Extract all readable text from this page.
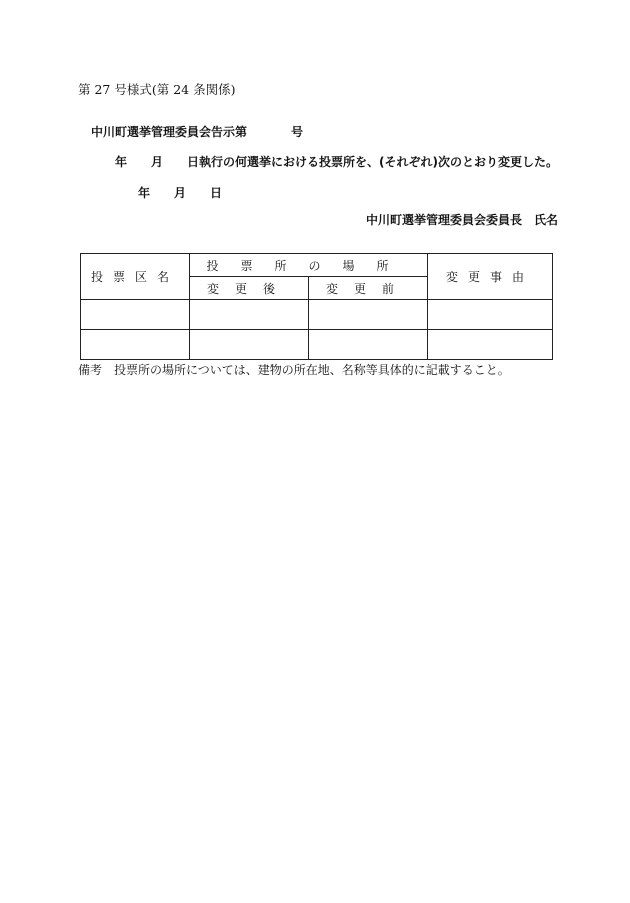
第 27 号様式(第 24 条関係)
中川町選挙管理委員会告示第	号
年 月 日執行の何選挙における投票所を、(それぞれ)次のとおり変更した。
年 月 日
中川町選挙管理委員会委員長 氏名
投票区名	投票所の場所		変更事由
	変更後	変更前	

備考 投票所の場所については、建物の所在地、名称等具体的に記載すること。
